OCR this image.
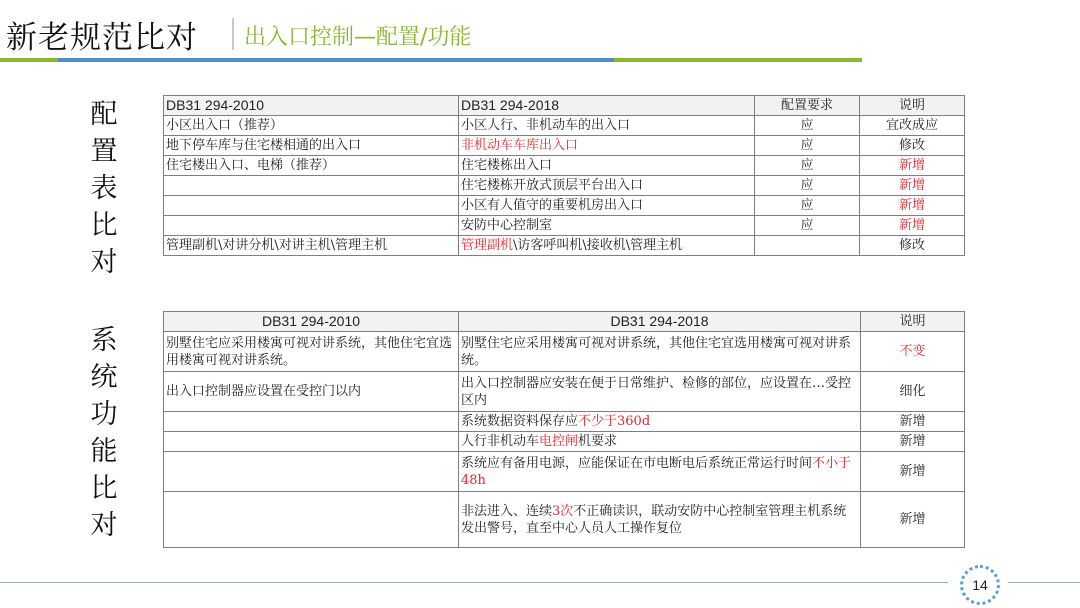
新老规范比对 出入口控制—配置/功能
配
置
表
比
对
系
统
功
能
比
对
DB31 294-2010	DB31 294-2018	配置要求	说明
小区出入口（推荐）	小区人行、非机动车的出入口	应	宜改成应
地下停车库与住宅楼相通的出入口	非机动车车库出入口	应	修改
住宅楼出入口、电梯（推荐）	住宅楼栋出入口	应	新增
	住宅楼栋开放式顶层平台出入口	应	新增
	小区有人值守的重要机房出入口	应	新增
	安防中心控制室	应	新增
管理副机\对讲分机\对讲主机\管理主机	管理副机\访客呼叫机\接收机\管理主机		修改
DB31 294-2010	DB31 294-2018	说明
别墅住宅应采用楼寓可视对讲系统，其他住宅宜选用楼寓可视对讲系统。	别墅住宅应采用楼寓可视对讲系统，其他住宅宜选用楼寓可视对讲系统。	不变
出入口控制器应设置在受控门以内	出入口控制器应安装在便于日常维护、检修的部位，应设置在…受控区内	细化
	系统数据资料保存应不少于360d	新增
	人行非机动车电控闸机要求	新增
	系统应有备用电源，应能保证在市电断电后系统正常运行时间不小于48h	新增
	非法进入、连续3次不正确读识，联动安防中心控制室管理主机系统发出警号，直至中心人员人工操作复位	新增
14
